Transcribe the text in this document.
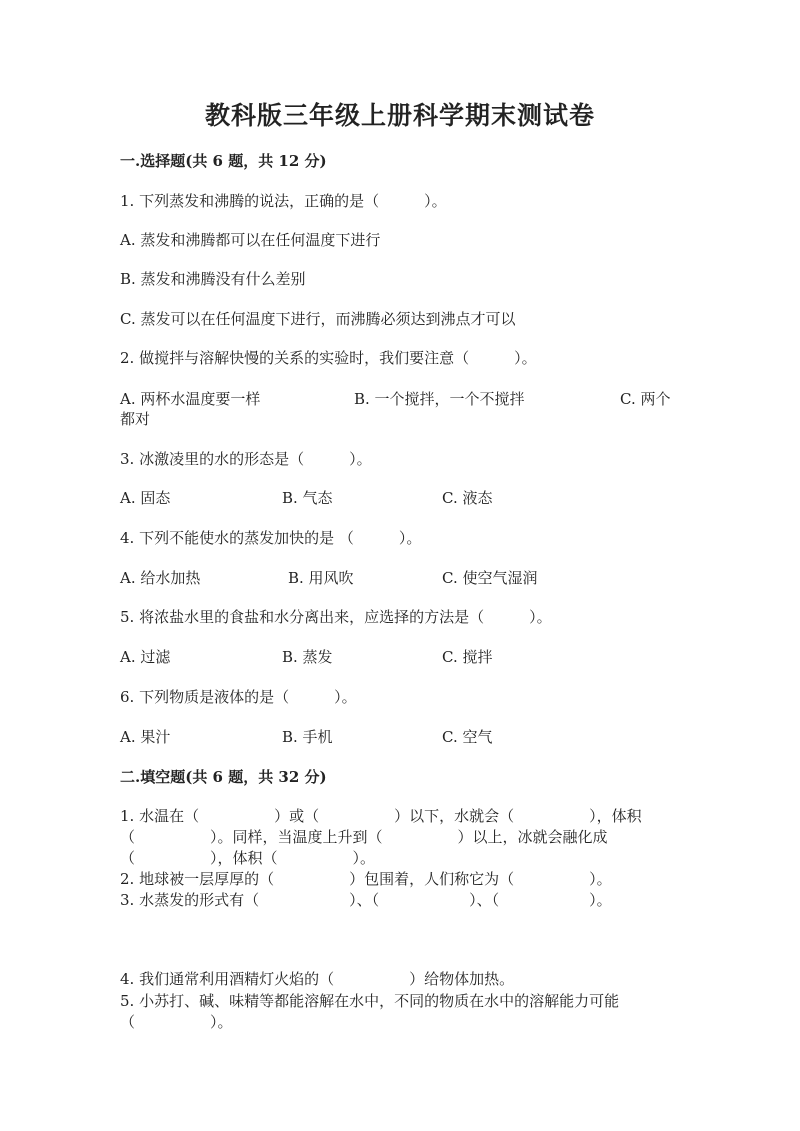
教科版三年级上册科学期末测试卷
一.选择题(共 6 题，共 12 分)
1. 下列蒸发和沸腾的说法，正确的是（　　　）。
A. 蒸发和沸腾都可以在任何温度下进行
B. 蒸发和沸腾没有什么差别
C. 蒸发可以在任何温度下进行，而沸腾必须达到沸点才可以
2. 做搅拌与溶解快慢的关系的实验时，我们要注意（　　　）。
A. 两杯水温度要一样	B. 一个搅拌，一个不搅拌	C. 两个
都对
3. 冰激凌里的水的形态是（　　　）。
A. 固态	B. 气态	C. 液态
4. 下列不能使水的蒸发加快的是 （　　　）。
A. 给水加热	B. 用风吹	C. 使空气湿润
5. 将浓盐水里的食盐和水分离出来，应选择的方法是（　　　）。
A. 过滤	B. 蒸发	C. 搅拌
6. 下列物质是液体的是（　　　）。
A. 果汁	B. 手机	C. 空气
二.填空题(共 6 题，共 32 分)
1. 水温在（　　　　　）或（　　　　　）以下，水就会（　　　　　），体积
（　　　　　）。同样，当温度上升到（　　　　　）以上，冰就会融化成
（　　　　　），体积（　　　　　）。
2. 地球被一层厚厚的（　　　　　）包围着，人们称它为（　　　　　）。
3. 水蒸发的形式有（　　　　　　）、（　　　　　　）、（　　　　　　）。
4. 我们通常利用酒精灯火焰的（　　　　　）给物体加热。
5. 小苏打、碱、味精等都能溶解在水中，不同的物质在水中的溶解能力可能
（　　　　　）。
